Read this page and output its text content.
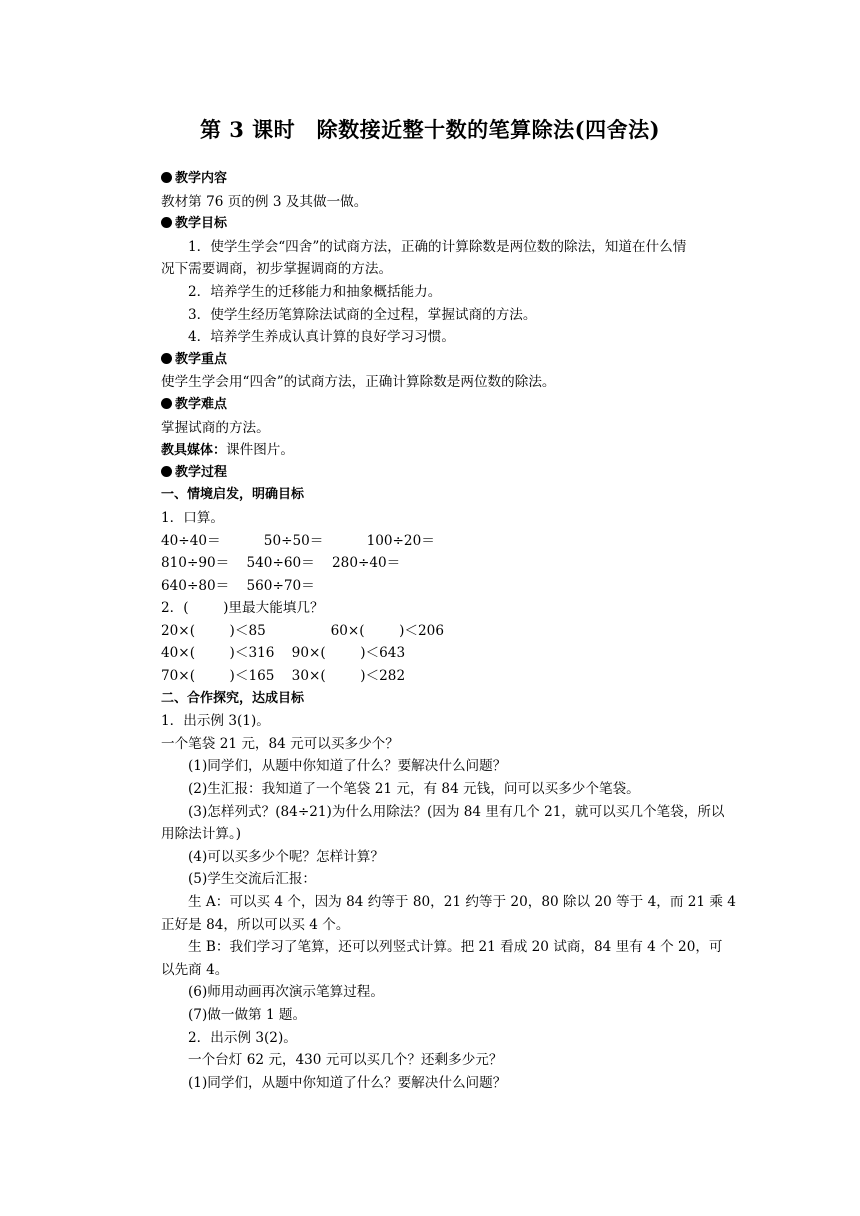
第 3 课时　除数接近整十数的笔算除法(四舍法)

教学内容

教材第 76 页的例 3 及其做一做。

教学目标

1．使学生学会“四舍”的试商方法，正确的计算除数是两位数的除法，知道在什么情

况下需要调商，初步掌握调商的方法。

2．培养学生的迁移能力和抽象概括能力。

3．使学生经历笔算除法试商的全过程，掌握试商的方法。

4．培养学生养成认真计算的良好学习习惯。

教学重点

使学生学会用“四舍”的试商方法，正确计算除数是两位数的除法。

教学难点

掌握试商的方法。

教具媒体：课件图片。

教学过程

一、情境启发，明确目标

1．口算。

40÷40＝          50÷50＝          100÷20＝

810÷90＝    540÷60＝    280÷40＝

640÷80＝    560÷70＝

2．(        )里最大能填几？

20×(        )＜85               60×(        )＜206

40×(        )＜316    90×(        )＜643

70×(        )＜165    30×(        )＜282

二、合作探究，达成目标

1．出示例 3(1)。

一个笔袋 21 元，84 元可以买多少个？

(1)同学们，从题中你知道了什么？要解决什么问题？

(2)生汇报：我知道了一个笔袋 21 元，有 84 元钱，问可以买多少个笔袋。

(3)怎样列式？(84÷21)为什么用除法？(因为 84 里有几个 21，就可以买几个笔袋，所以

用除法计算。)

(4)可以买多少个呢？怎样计算？

(5)学生交流后汇报：

生 A：可以买 4 个，因为 84 约等于 80，21 约等于 20，80 除以 20 等于 4，而 21 乘 4

正好是 84，所以可以买 4 个。

生 B：我们学习了笔算，还可以列竖式计算。把 21 看成 20 试商，84 里有 4 个 20，可

以先商 4。

(6)师用动画再次演示笔算过程。

(7)做一做第 1 题。

2．出示例 3(2)。

一个台灯 62 元，430 元可以买几个？还剩多少元？

(1)同学们，从题中你知道了什么？要解决什么问题？
